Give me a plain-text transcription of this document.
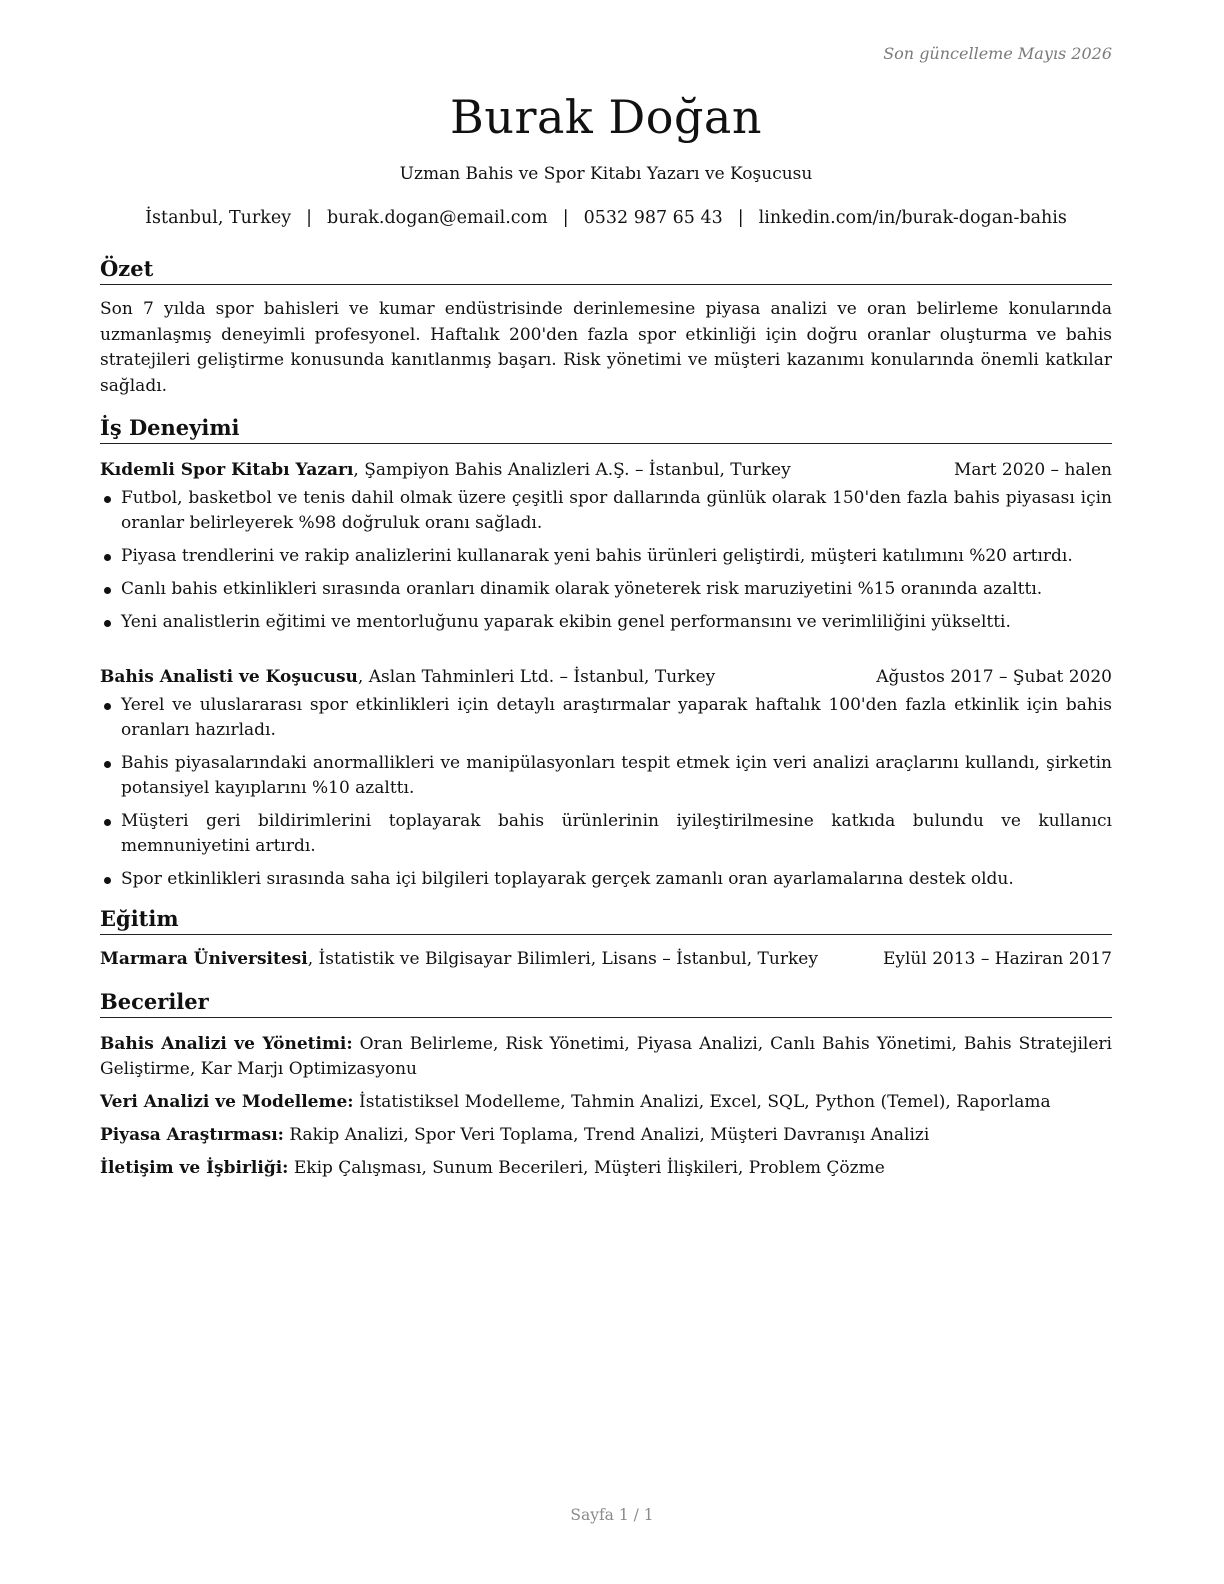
Son güncelleme Mayıs 2026
Burak Doğan
Uzman Bahis ve Spor Kitabı Yazarı ve Koşucusu
İstanbul, Turkey | burak.dogan@email.com | 0532 987 65 43 | linkedin.com/in/burak-dogan-bahis
Özet
Son 7 yılda spor bahisleri ve kumar endüstrisinde derinlemesine piyasa analizi ve oran belirleme konularında uzmanlaşmış deneyimli profesyonel. Haftalık 200'den fazla spor etkinliği için doğru oranlar oluşturma ve bahis stratejileri geliştirme konusunda kanıtlanmış başarı. Risk yönetimi ve müşteri kazanımı konularında önemli katkılar sağladı.
İş Deneyimi
Kıdemli Spor Kitabı Yazarı, Şampiyon Bahis Analizleri A.Ş. – İstanbul, Turkey	Mart 2020 – halen
Futbol, basketbol ve tenis dahil olmak üzere çeşitli spor dallarında günlük olarak 150'den fazla bahis piyasası için oranlar belirleyerek %98 doğruluk oranı sağladı.
Piyasa trendlerini ve rakip analizlerini kullanarak yeni bahis ürünleri geliştirdi, müşteri katılımını %20 artırdı.
Canlı bahis etkinlikleri sırasında oranları dinamik olarak yöneterek risk maruziyetini %15 oranında azalttı.
Yeni analistlerin eğitimi ve mentorluğunu yaparak ekibin genel performansını ve verimliliğini yükseltti.
Bahis Analisti ve Koşucusu, Aslan Tahminleri Ltd. – İstanbul, Turkey	Ağustos 2017 – Şubat 2020
Yerel ve uluslararası spor etkinlikleri için detaylı araştırmalar yaparak haftalık 100'den fazla etkinlik için bahis oranları hazırladı.
Bahis piyasalarındaki anormallikleri ve manipülasyonları tespit etmek için veri analizi araçlarını kullandı, şirketin potansiyel kayıplarını %10 azalttı.
Müşteri geri bildirimlerini toplayarak bahis ürünlerinin iyileştirilmesine katkıda bulundu ve kullanıcı memnuniyetini artırdı.
Spor etkinlikleri sırasında saha içi bilgileri toplayarak gerçek zamanlı oran ayarlamalarına destek oldu.
Eğitim
Marmara Üniversitesi, İstatistik ve Bilgisayar Bilimleri, Lisans – İstanbul, Turkey	Eylül 2013 – Haziran 2017
Beceriler
Bahis Analizi ve Yönetimi: Oran Belirleme, Risk Yönetimi, Piyasa Analizi, Canlı Bahis Yönetimi, Bahis Stratejileri Geliştirme, Kar Marjı Optimizasyonu
Veri Analizi ve Modelleme: İstatistiksel Modelleme, Tahmin Analizi, Excel, SQL, Python (Temel), Raporlama
Piyasa Araştırması: Rakip Analizi, Spor Veri Toplama, Trend Analizi, Müşteri Davranışı Analizi
İletişim ve İşbirliği: Ekip Çalışması, Sunum Becerileri, Müşteri İlişkileri, Problem Çözme
Sayfa 1 / 1
